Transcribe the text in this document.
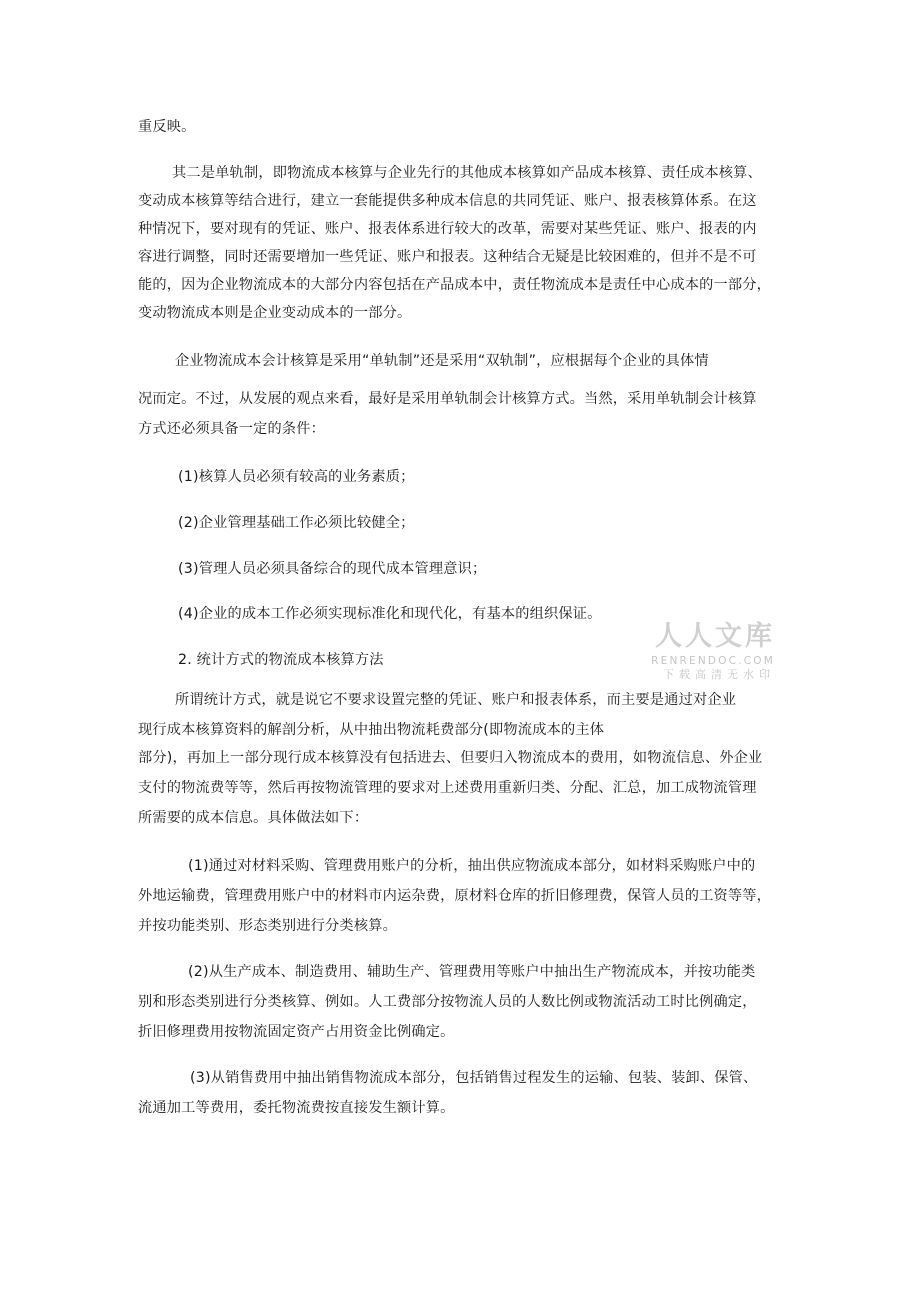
重反映。
其二是单轨制，即物流成本核算与企业先行的其他成本核算如产品成本核算、责任成本核算、
变动成本核算等结合进行，建立一套能提供多种成本信息的共同凭证、账户、报表核算体系。在这
种情况下，要对现有的凭证、账户、报表体系进行较大的改革，需要对某些凭证、账户、报表的内
容进行调整，同时还需要增加一些凭证、账户和报表。这种结合无疑是比较困难的，但并不是不可
能的，因为企业物流成本的大部分内容包括在产品成本中，责任物流成本是责任中心成本的一部分，
变动物流成本则是企业变动成本的一部分。
企业物流成本会计核算是采用“单轨制”还是采用“双轨制”，应根据每个企业的具体情
况而定。不过，从发展的观点来看，最好是采用单轨制会计核算方式。当然，采用单轨制会计核算
方式还必须具备一定的条件：
(1)核算人员必须有较高的业务素质；
(2)企业管理基础工作必须比较健全；
(3)管理人员必须具备综合的现代成本管理意识；
(4)企业的成本工作必须实现标准化和现代化，有基本的组织保证。
2. 统计方式的物流成本核算方法
所谓统计方式，就是说它不要求设置完整的凭证、账户和报表体系，而主要是通过对企业
现行成本核算资料的解剖分析，从中抽出物流耗费部分(即物流成本的主体
部分)，再加上一部分现行成本核算没有包括进去、但要归入物流成本的费用，如物流信息、外企业
支付的物流费等等，然后再按物流管理的要求对上述费用重新归类、分配、汇总，加工成物流管理
所需要的成本信息。具体做法如下：
(1)通过对材料采购、管理费用账户的分析，抽出供应物流成本部分，如材料采购账户中的
外地运输费，管理费用账户中的材料市内运杂费，原材料仓库的折旧修理费，保管人员的工资等等，
并按功能类别、形态类别进行分类核算。
(2)从生产成本、制造费用、辅助生产、管理费用等账户中抽出生产物流成本，并按功能类
别和形态类别进行分类核算、例如。人工费部分按物流人员的人数比例或物流活动工时比例确定，
折旧修理费用按物流固定资产占用资金比例确定。
(3)从销售费用中抽出销售物流成本部分，包括销售过程发生的运输、包装、装卸、保管、
流通加工等费用，委托物流费按直接发生额计算。
人人文库
RENRENDOC.COM
下载高清无水印
